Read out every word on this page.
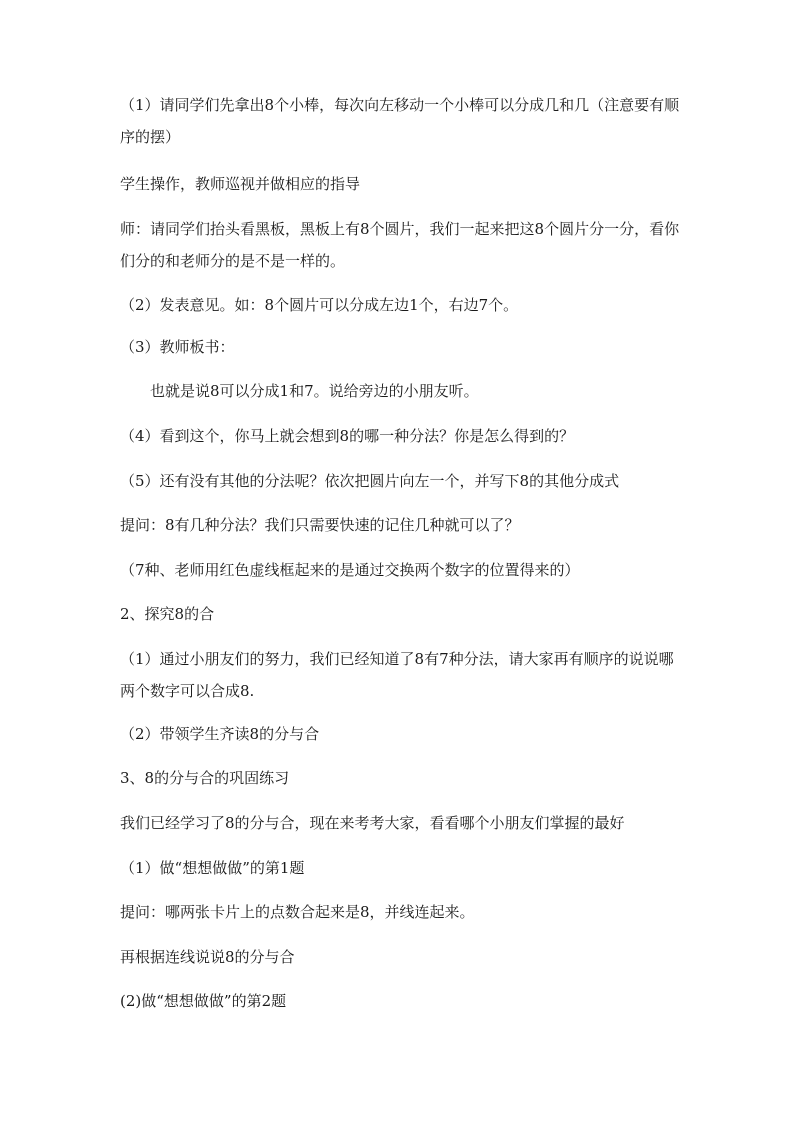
（1）请同学们先拿出8个小棒，每次向左移动一个小棒可以分成几和几（注意要有顺序的摆）
学生操作，教师巡视并做相应的指导
师：请同学们抬头看黑板，黑板上有8个圆片，我们一起来把这8个圆片分一分，看你们分的和老师分的是不是一样的。
（2）发表意见。如：8个圆片可以分成左边1个，右边7个。
（3）教师板书：
也就是说8可以分成1和7。说给旁边的小朋友听。
（4）看到这个，你马上就会想到8的哪一种分法？你是怎么得到的？
（5）还有没有其他的分法呢？依次把圆片向左一个，并写下8的其他分成式
提问：8有几种分法？我们只需要快速的记住几种就可以了？
（7种、老师用红色虚线框起来的是通过交换两个数字的位置得来的）
2、探究8的合
（1）通过小朋友们的努力，我们已经知道了8有7种分法，请大家再有顺序的说说哪两个数字可以合成8.
（2）带领学生齐读8的分与合
3、8的分与合的巩固练习
我们已经学习了8的分与合，现在来考考大家，看看哪个小朋友们掌握的最好
（1）做“想想做做”的第1题
提问：哪两张卡片上的点数合起来是8，并线连起来。
再根据连线说说8的分与合
(2)做“想想做做”的第2题
